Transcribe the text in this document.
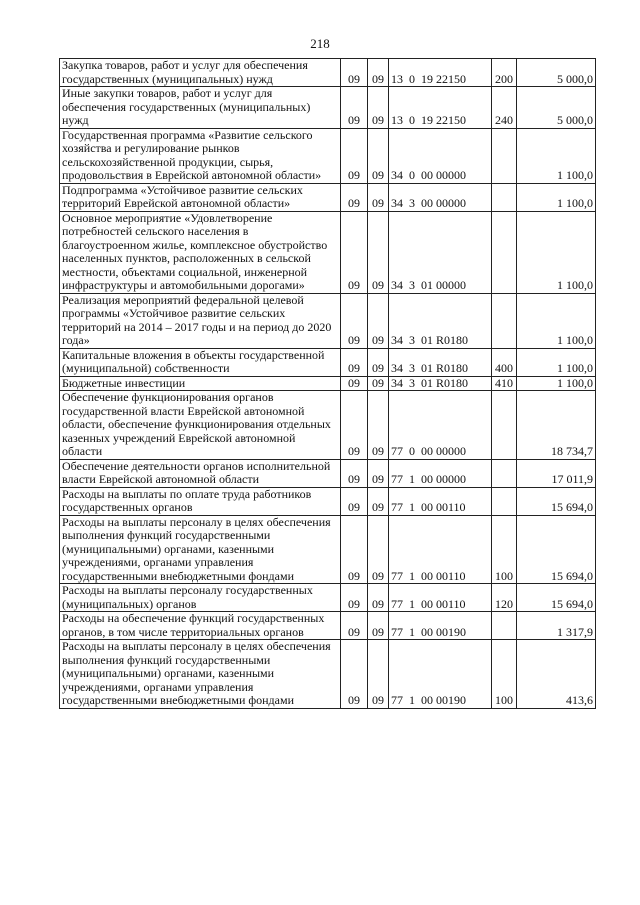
218
Закупка товаров, работ и услуг для обеспечения государственных (муниципальных) нужд	09	09	13  0  19 22150	200	5 000,0

Иные закупки товаров, работ и услуг для обеспечения государственных (муниципальных) нужд	09	09	13  0  19 22150	240	5 000,0

Государственная программа «Развитие сельского хозяйства и регулирование рынков сельскохозяйственной продукции, сырья, продовольствия в Еврейской автономной области»	09	09	34  0  00 00000		1 100,0

Подпрограмма «Устойчивое развитие сельских территорий Еврейской автономной области»	09	09	34  3  00 00000		1 100,0

Основное мероприятие «Удовлетворение потребностей сельского населения в благоустроенном жилье, комплексное обустройство населенных пунктов, расположенных в сельской местности, объектами социальной, инженерной инфраструктуры и автомобильными дорогами»	09	09	34  3  01 00000		1 100,0

Реализация мероприятий федеральной целевой программы «Устойчивое развитие сельских территорий на 2014 – 2017 годы и на период до 2020 года»	09	09	34  3  01 R0180		1 100,0

Капитальные вложения в объекты государственной (муниципальной) собственности	09	09	34  3  01 R0180	400	1 100,0

Бюджетные инвестиции	09	09	34  3  01 R0180	410	1 100,0

Обеспечение функционирования органов государственной власти Еврейской автономной области, обеспечение функционирования отдельных казенных учреждений Еврейской автономной области	09	09	77  0  00 00000		18 734,7

Обеспечение деятельности органов исполнительной власти Еврейской автономной области	09	09	77  1  00 00000		17 011,9

Расходы на выплаты по оплате труда работников государственных органов	09	09	77  1  00 00110		15 694,0

Расходы на выплаты персоналу в целях обеспечения выполнения функций государственными (муниципальными) органами, казенными учреждениями, органами управления государственными внебюджетными фондами	09	09	77  1  00 00110	100	15 694,0

Расходы на выплаты персоналу государственных (муниципальных) органов	09	09	77  1  00 00110	120	15 694,0

Расходы на обеспечение функций государственных органов, в том числе территориальных органов	09	09	77  1  00 00190		1 317,9

Расходы на выплаты персоналу в целях обеспечения выполнения функций государственными (муниципальными) органами, казенными учреждениями, органами управления государственными внебюджетными фондами	09	09	77  1  00 00190	100	413,6
